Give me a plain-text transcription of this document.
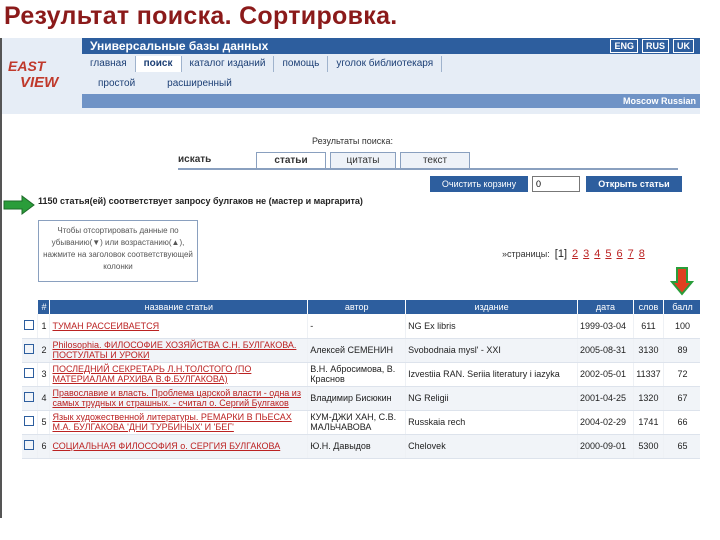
Результат поиска. Сортировка.
EAST
VIEW
Универсальные базы данных	ENG	RUS	UK
главная	поиск	каталог изданий	помощь	уголок библиотекаря
простой	расширенный
Moscow Russian
Результаты поиска:
искать	статьи	цитаты	текст
Очистить корзину	0	Открыть статьи
1150 статья(ей) соответствует запросу булгаков не (мастер и маргарита)
Чтобы отсортировать данные по убыванию(▼) или возрастанию(▲), нажмите на заголовок соответствующей колонки
»страницы: [1] 2 3 4 5 6 7 8
	#	название статьи	автор	издание	дата	слов	балл
	1	ТУМАН РАССЕИВАЕТСЯ	-	NG Ex libris	1999-03-04	611	100
	2	Philosophia. ФИЛОСОФИЕ ХОЗЯЙСТВА С.Н. БУЛГАКОВА. ПОСТУЛАТЫ И УРОКИ	Алексей СЕМЕНИН	Svobodnaia mysl' - XXI	2005-08-31	3130	89
	3	ПОСЛЕДНИЙ СЕКРЕТАРЬ Л.Н.ТОЛСТОГО (ПО МАТЕРИАЛАМ АРХИВА В.Ф.БУЛГАКОВА)	В.Н. Абросимова, В. Краснов	Izvestiia RAN. Seriia literatury i iazyka	2002-05-01	11337	72
	4	Православие и власть. Проблема царской власти - одна из самых трудных и страшных. - считал о. Сергий Булгаков	Владимир Бисюкин	NG Religii	2001-04-25	1320	67
	5	Язык художественной литературы. РЕМАРКИ В ПЬЕСАХ М.А. БУЛГАКОВА 'ДНИ ТУРБИНЫХ' И 'БЕГ'	КУМ-ДЖИ ХАН, С.В. МАЛЬЧАВОВА	Russkaia rech	2004-02-29	1741	66
	6	СОЦИАЛЬНАЯ ФИЛОСОФИЯ о. СЕРГИЯ БУЛГАКОВА	Ю.Н. Давыдов	Chelovek	2000-09-01	5300	65
